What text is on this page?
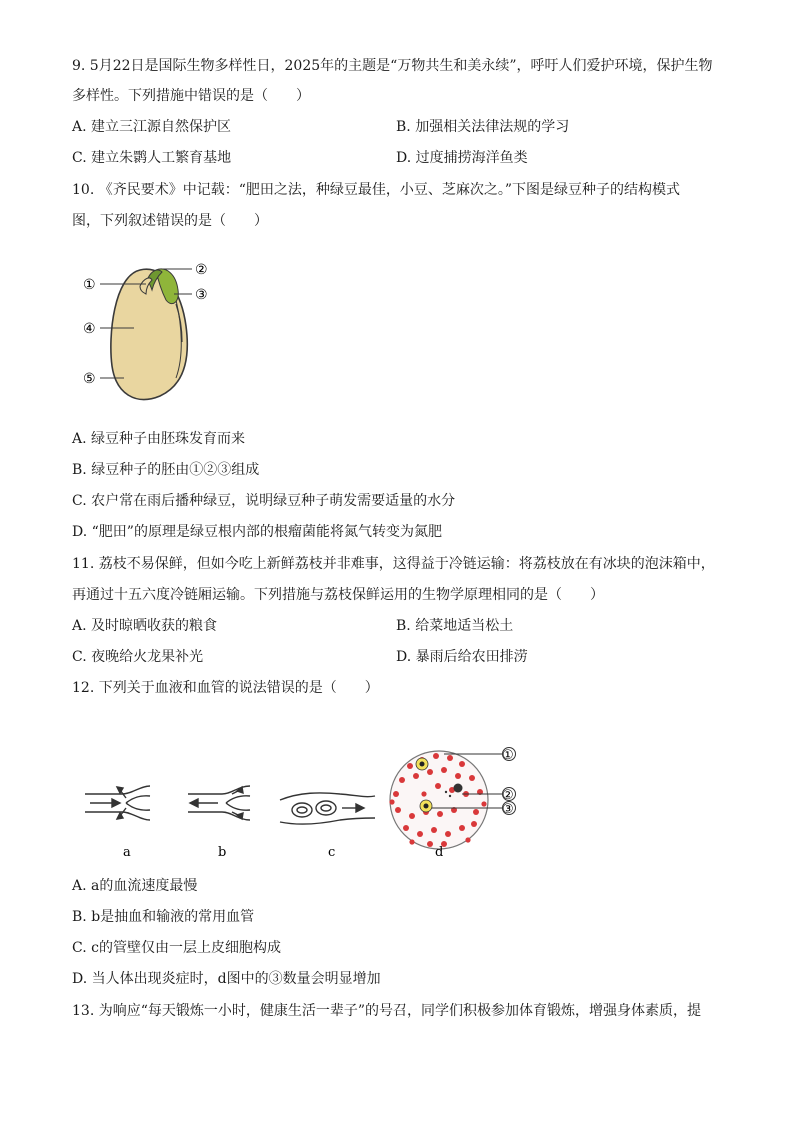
9. 5月22日是国际生物多样性日，2025年的主题是“万物共生和美永续”，呼吁人们爱护环境，保护生物
多样性。下列措施中错误的是（　　）
A. 建立三江源自然保护区	B. 加强相关法律法规的学习
C. 建立朱鹮人工繁育基地	D. 过度捕捞海洋鱼类
10. 《齐民要术》中记载：“肥田之法，种绿豆最佳，小豆、芝麻次之。”下图是绿豆种子的结构模式
图，下列叙述错误的是（　　）
①
②
③
④
⑤
A. 绿豆种子由胚珠发育而来
B. 绿豆种子的胚由①②③组成
C. 农户常在雨后播种绿豆，说明绿豆种子萌发需要适量的水分
D. “肥田”的原理是绿豆根内部的根瘤菌能将氮气转变为氮肥
11. 荔枝不易保鲜，但如今吃上新鲜荔枝并非难事，这得益于冷链运输：将荔枝放在有冰块的泡沫箱中，
再通过十五六度冷链厢运输。下列措施与荔枝保鲜运用的生物学原理相同的是（　　）
A. 及时晾晒收获的粮食	B. 给菜地适当松土
C. 夜晚给火龙果补光	D. 暴雨后给农田排涝
12. 下列关于血液和血管的说法错误的是（　　）
①
②
③
a	b	c	d
A. a的血流速度最慢
B. b是抽血和输液的常用血管
C. c的管壁仅由一层上皮细胞构成
D. 当人体出现炎症时，d图中的③数量会明显增加
13. 为响应“每天锻炼一小时，健康生活一辈子”的号召，同学们积极参加体育锻炼，增强身体素质，提
